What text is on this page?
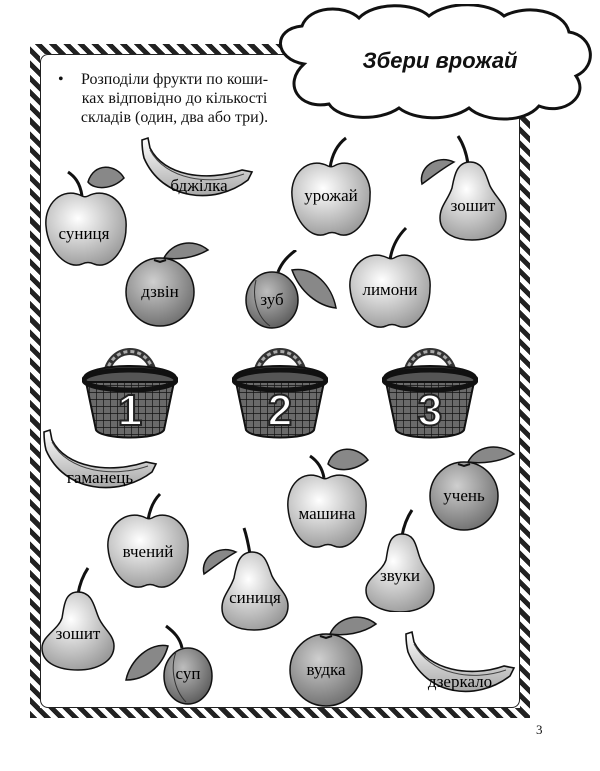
Збери врожай
•	Розподіли фрукти по коши-
ках відповідно до кількості
складів (один, два або три).
1	2	3
суниця
бджілка
урожай
зошит
дзвін	зуб
лимони
гаманець
машина
учень
вчений
синиця
звуки
зошит
суп	вудка
дзеркало
3
